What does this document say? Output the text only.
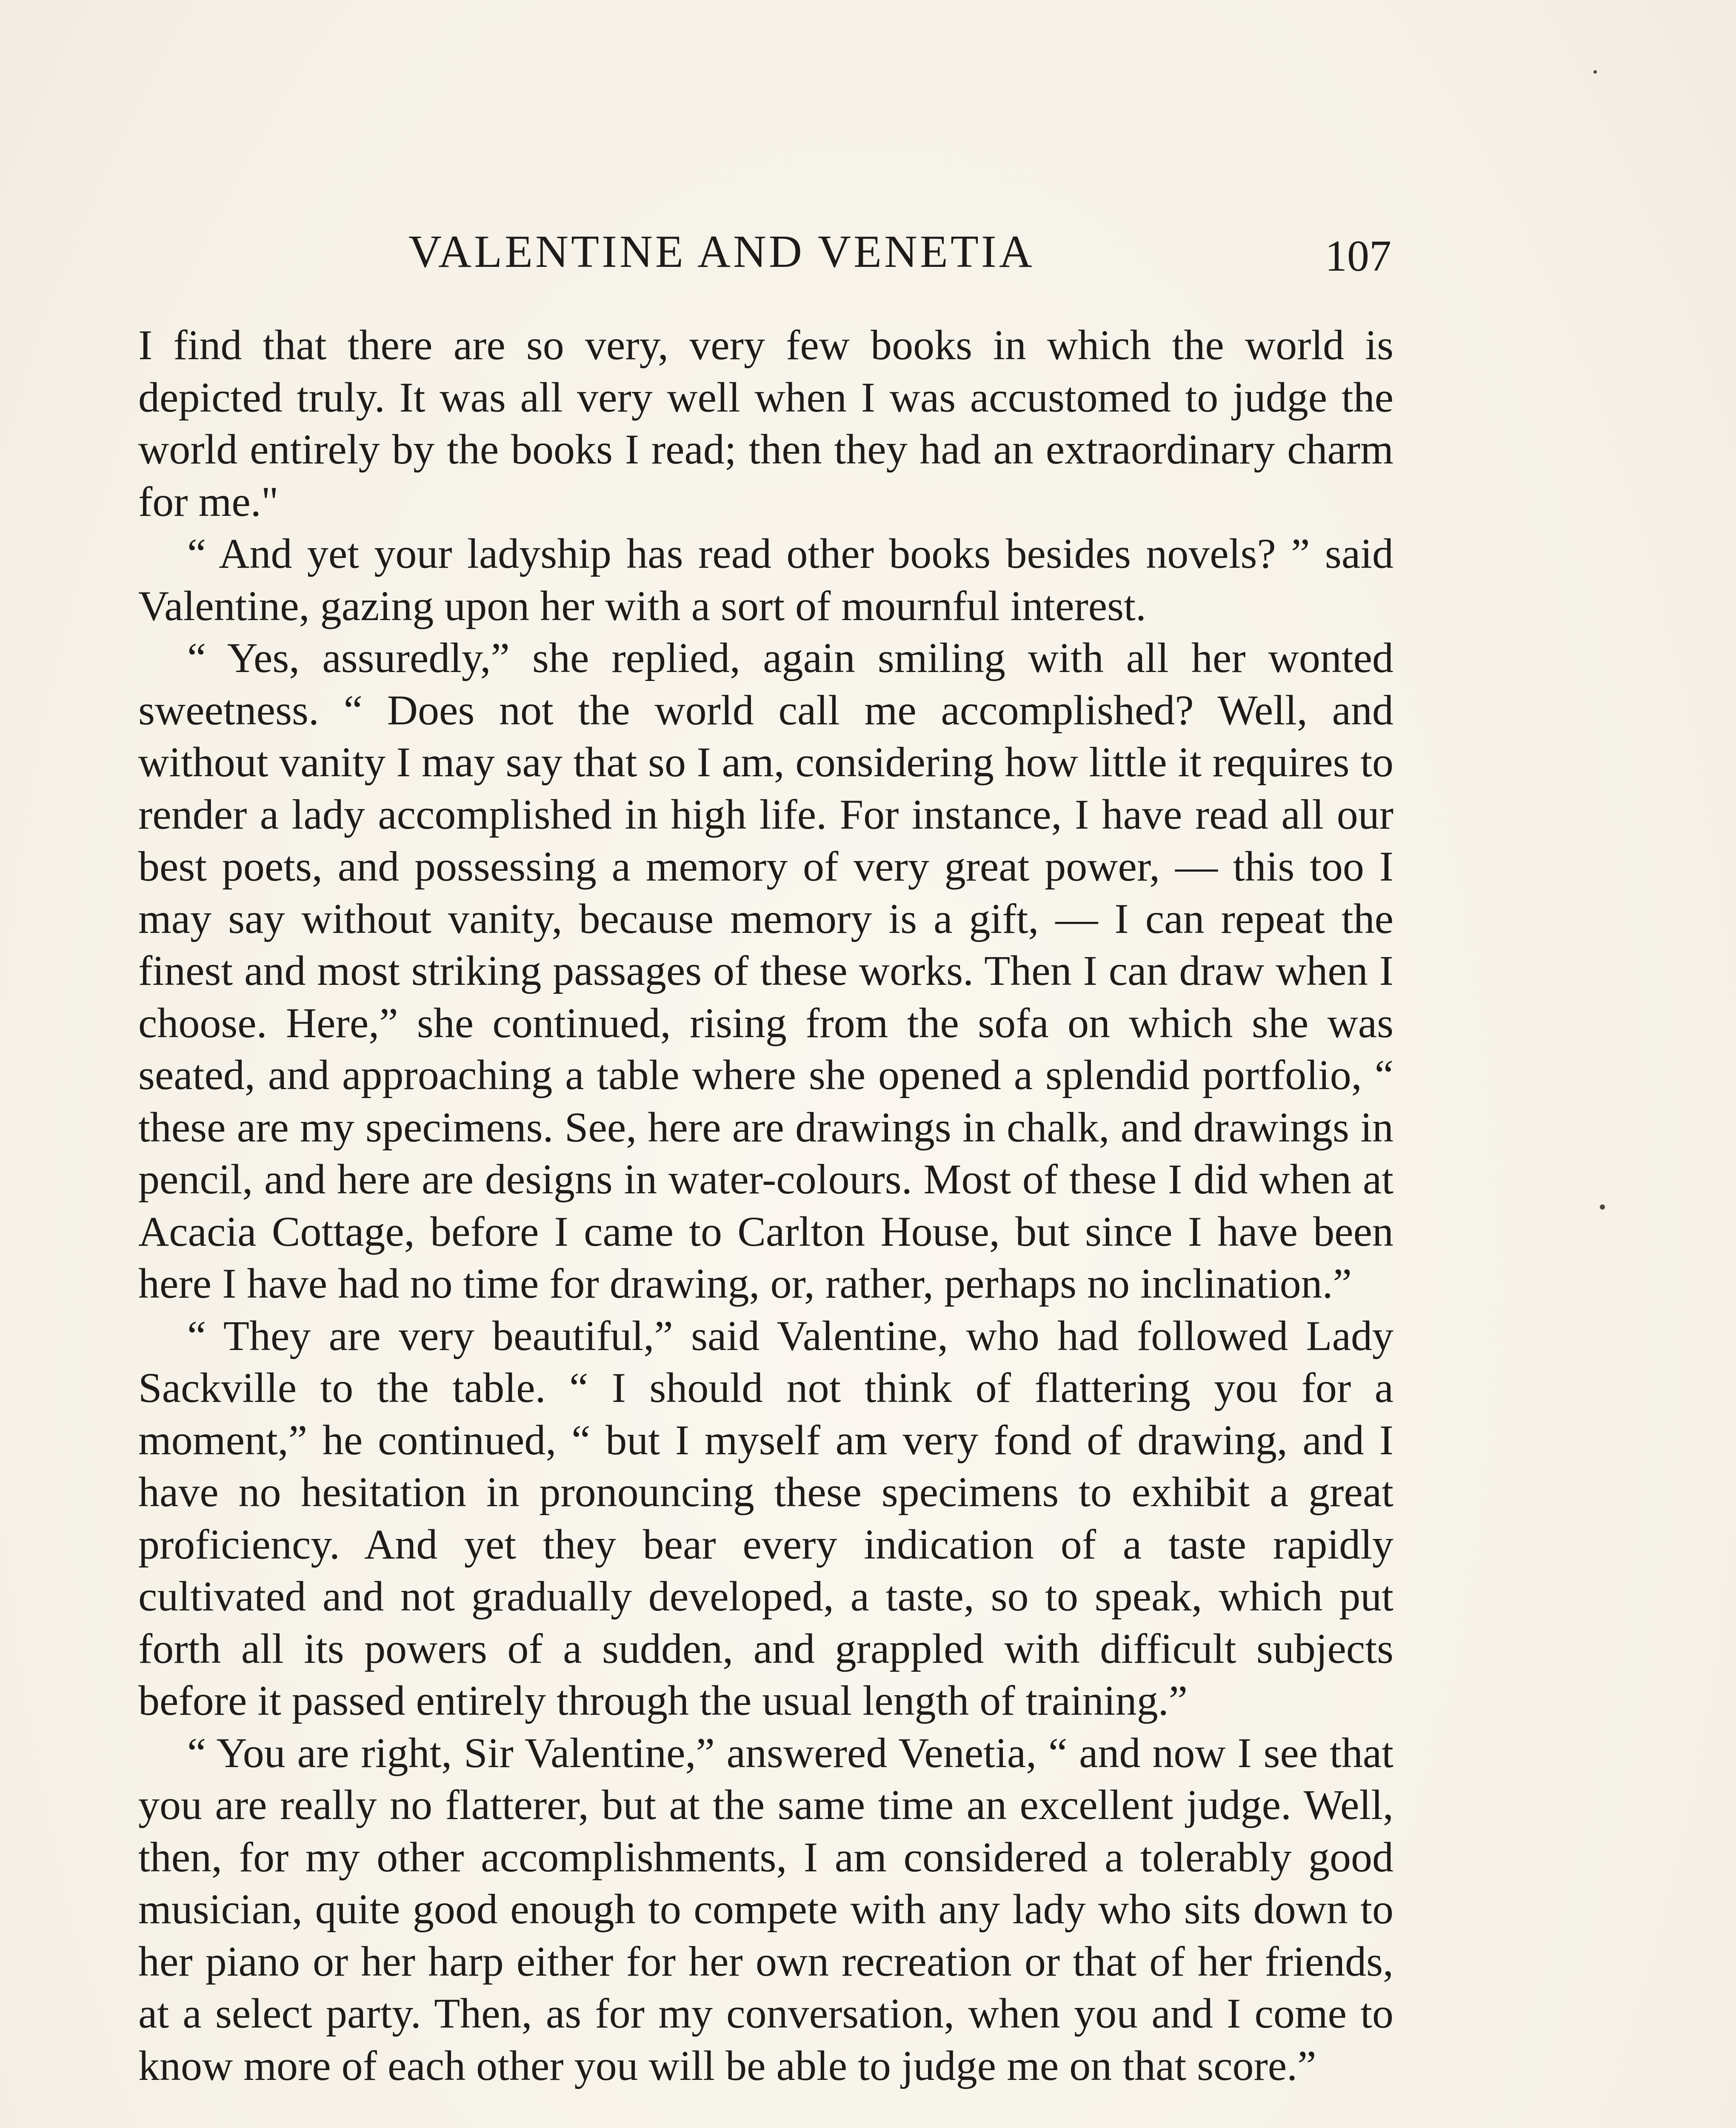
VALENTINE AND VENETIA	107

I find that there are so very, very few books in which the world is depicted truly. It was all very well when I was accustomed to judge the world entirely by the books I read; then they had an extraordinary charm for me."

“ And yet your ladyship has read other books besides novels? ” said Valentine, gazing upon her with a sort of mournful interest.

“ Yes, assuredly,” she replied, again smiling with all her wonted sweetness. “ Does not the world call me accomplished? Well, and without vanity I may say that so I am, considering how little it requires to render a lady accomplished in high life. For instance, I have read all our best poets, and possessing a memory of very great power, — this too I may say without vanity, because memory is a gift, — I can repeat the finest and most striking passages of these works. Then I can draw when I choose. Here,” she continued, rising from the sofa on which she was seated, and approaching a table where she opened a splendid portfolio, “ these are my specimens. See, here are drawings in chalk, and drawings in pencil, and here are designs in water-colours. Most of these I did when at Acacia Cottage, before I came to Carlton House, but since I have been here I have had no time for drawing, or, rather, perhaps no inclination.”

“ They are very beautiful,” said Valentine, who had followed Lady Sackville to the table. “ I should not think of flattering you for a moment,” he continued, “ but I myself am very fond of drawing, and I have no hesitation in pronouncing these specimens to exhibit a great proficiency. And yet they bear every indication of a taste rapidly cultivated and not gradually developed, a taste, so to speak, which put forth all its powers of a sudden, and grappled with difficult subjects before it passed entirely through the usual length of training.”

“ You are right, Sir Valentine,” answered Venetia, “ and now I see that you are really no flatterer, but at the same time an excellent judge. Well, then, for my other accomplishments, I am considered a tolerably good musician, quite good enough to compete with any lady who sits down to her piano or her harp either for her own recreation or that of her friends, at a select party. Then, as for my conversation, when you and I come to know more of each other you will be able to judge me on that score.”
